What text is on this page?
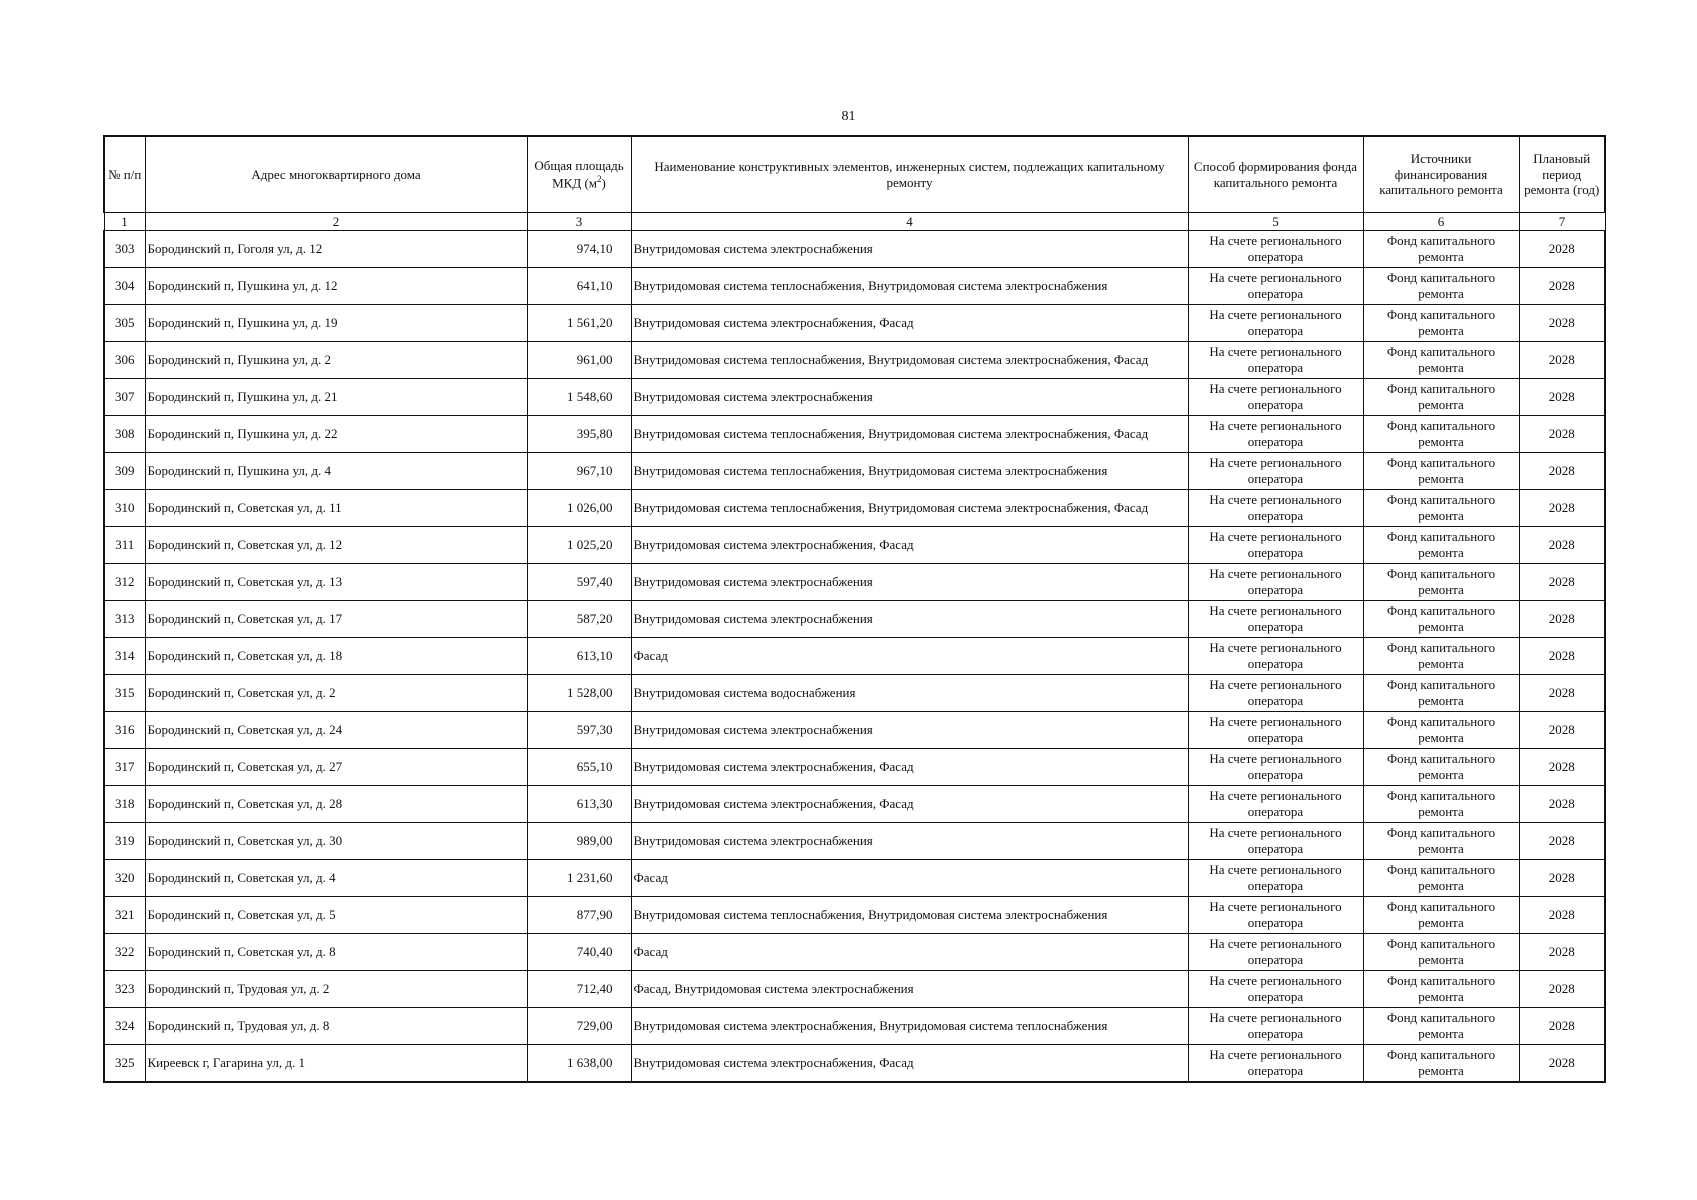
81
№ п/п	Адрес многоквартирного дома	Общая площадь МКД $(м^2)$	Наименование конструктивных элементов, инженерных систем, подлежащих капитальному ремонту	Способ формирования фонда капитального ремонта	Источники финансирования капитального ремонта	Плановый период ремонта (год)
1	2	3	4	5	6	7
303	Бородинский п, Гоголя ул, д. 12	974,10	Внутридомовая система электроснабжения	На счете регионального оператора	Фонд капитального ремонта	2028
304	Бородинский п, Пушкина ул, д. 12	641,10	Внутридомовая система теплоснабжения, Внутридомовая система электроснабжения	На счете регионального оператора	Фонд капитального ремонта	2028
305	Бородинский п, Пушкина ул, д. 19	1 561,20	Внутридомовая система электроснабжения, Фасад	На счете регионального оператора	Фонд капитального ремонта	2028
306	Бородинский п, Пушкина ул, д. 2	961,00	Внутридомовая система теплоснабжения, Внутридомовая система электроснабжения, Фасад	На счете регионального оператора	Фонд капитального ремонта	2028
307	Бородинский п, Пушкина ул, д. 21	1 548,60	Внутридомовая система электроснабжения	На счете регионального оператора	Фонд капитального ремонта	2028
308	Бородинский п, Пушкина ул, д. 22	395,80	Внутридомовая система теплоснабжения, Внутридомовая система электроснабжения, Фасад	На счете регионального оператора	Фонд капитального ремонта	2028
309	Бородинский п, Пушкина ул, д. 4	967,10	Внутридомовая система теплоснабжения, Внутридомовая система электроснабжения	На счете регионального оператора	Фонд капитального ремонта	2028
310	Бородинский п, Советская ул, д. 11	1 026,00	Внутридомовая система теплоснабжения, Внутридомовая система электроснабжения, Фасад	На счете регионального оператора	Фонд капитального ремонта	2028
311	Бородинский п, Советская ул, д. 12	1 025,20	Внутридомовая система электроснабжения, Фасад	На счете регионального оператора	Фонд капитального ремонта	2028
312	Бородинский п, Советская ул, д. 13	597,40	Внутридомовая система электроснабжения	На счете регионального оператора	Фонд капитального ремонта	2028
313	Бородинский п, Советская ул, д. 17	587,20	Внутридомовая система электроснабжения	На счете регионального оператора	Фонд капитального ремонта	2028
314	Бородинский п, Советская ул, д. 18	613,10	Фасад	На счете регионального оператора	Фонд капитального ремонта	2028
315	Бородинский п, Советская ул, д. 2	1 528,00	Внутридомовая система водоснабжения	На счете регионального оператора	Фонд капитального ремонта	2028
316	Бородинский п, Советская ул, д. 24	597,30	Внутридомовая система электроснабжения	На счете регионального оператора	Фонд капитального ремонта	2028
317	Бородинский п, Советская ул, д. 27	655,10	Внутридомовая система электроснабжения, Фасад	На счете регионального оператора	Фонд капитального ремонта	2028
318	Бородинский п, Советская ул, д. 28	613,30	Внутридомовая система электроснабжения, Фасад	На счете регионального оператора	Фонд капитального ремонта	2028
319	Бородинский п, Советская ул, д. 30	989,00	Внутридомовая система электроснабжения	На счете регионального оператора	Фонд капитального ремонта	2028
320	Бородинский п, Советская ул, д. 4	1 231,60	Фасад	На счете регионального оператора	Фонд капитального ремонта	2028
321	Бородинский п, Советская ул, д. 5	877,90	Внутридомовая система теплоснабжения, Внутридомовая система электроснабжения	На счете регионального оператора	Фонд капитального ремонта	2028
322	Бородинский п, Советская ул, д. 8	740,40	Фасад	На счете регионального оператора	Фонд капитального ремонта	2028
323	Бородинский п, Трудовая ул, д. 2	712,40	Фасад, Внутридомовая система электроснабжения	На счете регионального оператора	Фонд капитального ремонта	2028
324	Бородинский п, Трудовая ул, д. 8	729,00	Внутридомовая система электроснабжения, Внутридомовая система теплоснабжения	На счете регионального оператора	Фонд капитального ремонта	2028
325	Киреевск г, Гагарина ул, д. 1	1 638,00	Внутридомовая система электроснабжения, Фасад	На счете регионального оператора	Фонд капитального ремонта	2028
